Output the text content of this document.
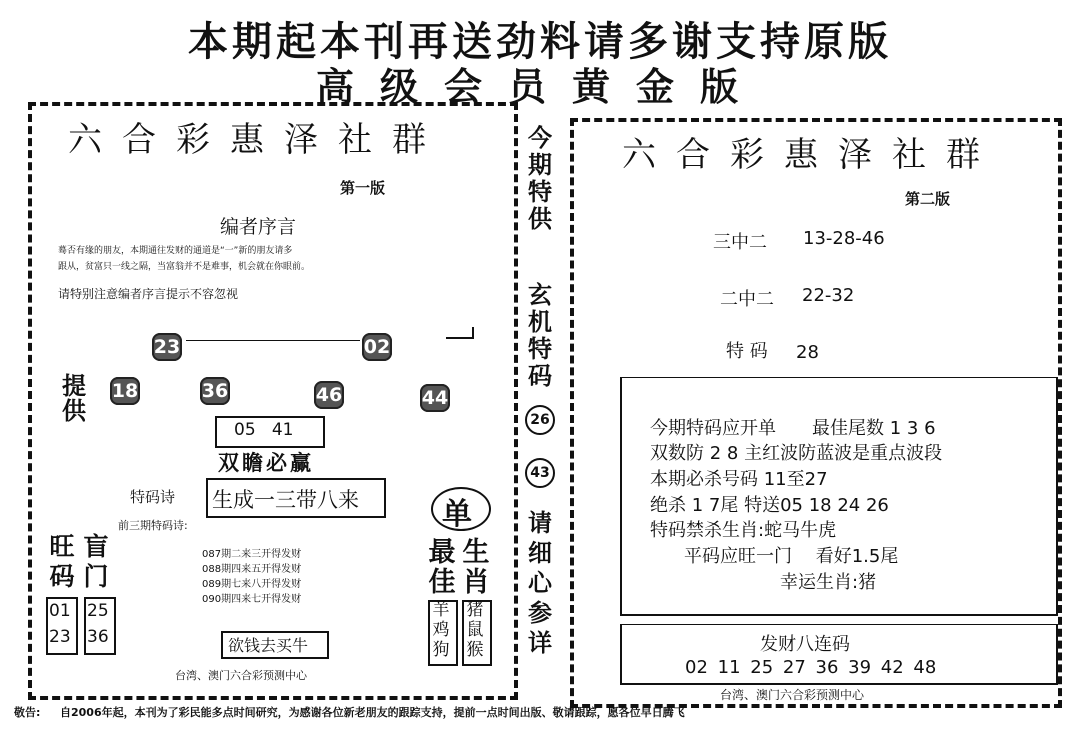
本期起本刊再送劲料请多谢支持原版
高级会员黄金版
六合彩惠泽社群
第一版
编者序言
蓦否有缘的朋友，本期通往发财的通道是“一”新的朋友请多
跟从，贫富只一线之隔，当富翁并不是难事，机会就在你眼前。
请特别注意编者序言提示不容忽视
23	02
提供
18	36	46	44
05   41
双瞻必赢
特码诗 生成一三带八来
前三期特码诗:
087期二来三开得发财
088期四来五开得发财
089期七来八开得发财
090期四来七开得发财
旺码
盲门
01
23
25
36	欲钱去买牛
单
最佳
生肖
羊鸡狗
猪鼠猴
台湾、澳门六合彩预测中心
今期特供
玄机特码
26
43
请细心参详
六合彩惠泽社群
第二版
三中二 13-28-46
二中二 22-32
特 码 28
今期特码应开单　　最佳尾数 1 3 6
双数防 2 8 主红波防蓝波是重点波段
本期必杀号码 11至27
绝杀 1 7尾 特送05 18 24 26
特码禁杀生肖:蛇马牛虎
平码应旺一门　 看好1.5尾
幸运生肖:猪
发财八连码
02 11 25 27 36 39 42 48
台湾、澳门六合彩预测中心
敬告: 自2006年起，本刊为了彩民能多点时间研究，为感谢各位新老朋友的跟踪支持，提前一点时间出版、敬请跟踪，愿各位早日腾飞
